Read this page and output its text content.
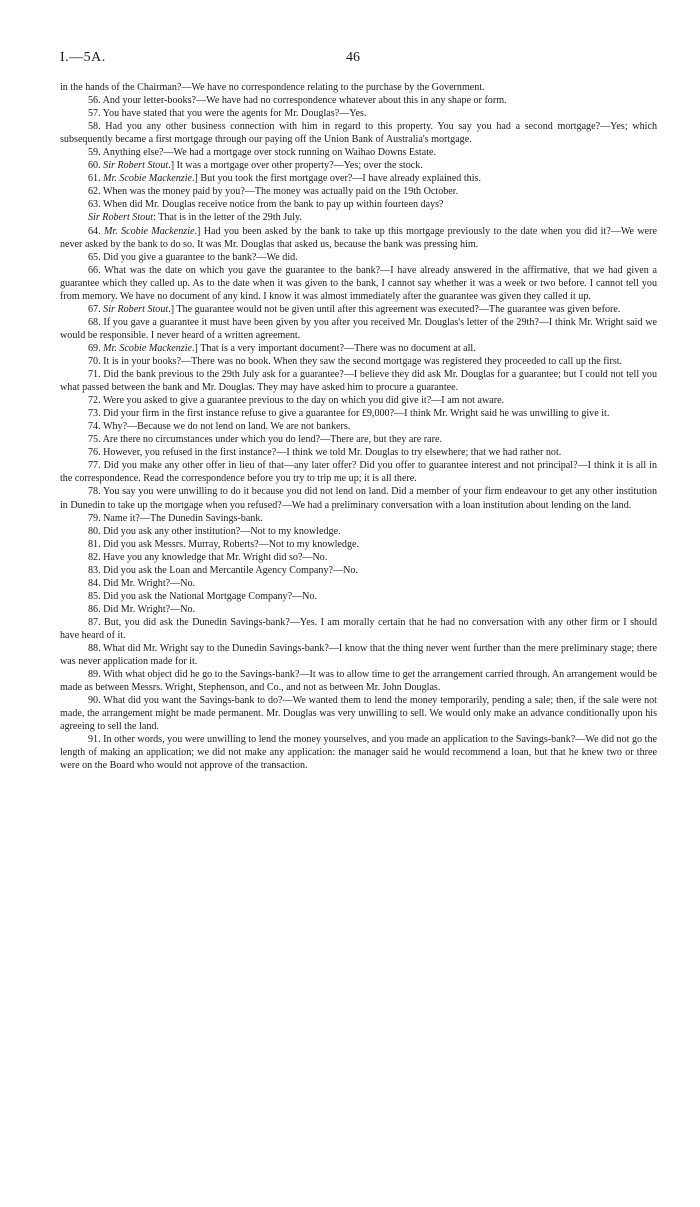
I.—5A.	46

in the hands of the Chairman?—We have no correspondence relating to the purchase by the Government.

56. And your letter-books?—We have had no correspondence whatever about this in any shape or form.

57. You have stated that you were the agents for Mr. Douglas?—Yes.

58. Had you any other business connection with him in regard to this property. You say you had a second mortgage?—Yes; which subsequently became a first mortgage through our paying off the Union Bank of Australia's mortgage.

59. Anything else?—We had a mortgage over stock running on Waihao Downs Estate.

60. Sir Robert Stout.] It was a mortgage over other property?—Yes; over the stock.

61. Mr. Scobie Mackenzie.] But you took the first mortgage over?—I have already explained this.

62. When was the money paid by you?—The money was actually paid on the 19th October.

63. When did Mr. Douglas receive notice from the bank to pay up within fourteen days?

Sir Robert Stout: That is in the letter of the 29th July.

64. Mr. Scobie Mackenzie.] Had you been asked by the bank to take up this mortgage previously to the date when you did it?—We were never asked by the bank to do so. It was Mr. Douglas that asked us, because the bank was pressing him.

65. Did you give a guarantee to the bank?—We did.

66. What was the date on which you gave the guarantee to the bank?—I have already answered in the affirmative, that we had given a guarantee which they called up. As to the date when it was given to the bank, I cannot say whether it was a week or two before. I cannot tell you from memory. We have no document of any kind. I know it was almost immediately after the guarantee was given they called it up.

67. Sir Robert Stout.] The guarantee would not be given until after this agreement was executed?—The guarantee was given before.

68. If you gave a guarantee it must have been given by you after you received Mr. Douglas's letter of the 29th?—I think Mr. Wright said we would be responsible. I never heard of a written agreement.

69. Mr. Scobie Mackenzie.] That is a very important document?—There was no document at all.

70. It is in your books?—There was no book. When they saw the second mortgage was registered they proceeded to call up the first.

71. Did the bank previous to the 29th July ask for a guarantee?—I believe they did ask Mr. Douglas for a guarantee; but I could not tell you what passed between the bank and Mr. Douglas. They may have asked him to procure a guarantee.

72. Were you asked to give a guarantee previous to the day on which you did give it?—I am not aware.

73. Did your firm in the first instance refuse to give a guarantee for £9,000?—I think Mr. Wright said he was unwilling to give it.

74. Why?—Because we do not lend on land. We are not bankers.

75. Are there no circumstances under which you do lend?—There are, but they are rare.

76. However, you refused in the first instance?—I think we told Mr. Douglas to try elsewhere; that we had rather not.

77. Did you make any other offer in lieu of that—any later offer? Did you offer to guarantee interest and not principal?—I think it is all in the correspondence. Read the correspondence before you try to trip me up; it is all there.

78. You say you were unwilling to do it because you did not lend on land. Did a member of your firm endeavour to get any other institution in Dunedin to take up the mortgage when you refused?—We had a preliminary conversation with a loan institution about lending on the land.

79. Name it?—The Dunedin Savings-bank.

80. Did you ask any other institution?—Not to my knowledge.

81. Did you ask Messrs. Murray, Roberts?—Not to my knowledge.

82. Have you any knowledge that Mr. Wright did so?—No.

83. Did you ask the Loan and Mercantile Agency Company?—No.

84. Did Mr. Wright?—No.

85. Did you ask the National Mortgage Company?—No.

86. Did Mr. Wright?—No.

87. But, you did ask the Dunedin Savings-bank?—Yes. I am morally certain that he had no conversation with any other firm or I should have heard of it.

88. What did Mr. Wright say to the Dunedin Savings-bank?—I know that the thing never went further than the mere preliminary stage; there was never application made for it.

89. With what object did he go to the Savings-bank?—It was to allow time to get the arrangement carried through. An arrangement would be made as between Messrs. Wright, Stephenson, and Co., and not as between Mr. John Douglas.

90. What did you want the Savings-bank to do?—We wanted them to lend the money temporarily, pending a sale; then, if the sale were not made, the arrangement might be made permanent. Mr. Douglas was very unwilling to sell. We would only make an advance conditionally upon his agreeing to sell the land.

91. In other words, you were unwilling to lend the money yourselves, and you made an application to the Savings-bank?—We did not go the length of making an application; we did not make any application: the manager said he would recommend a loan, but that he knew two or three were on the Board who would not approve of the transaction.
